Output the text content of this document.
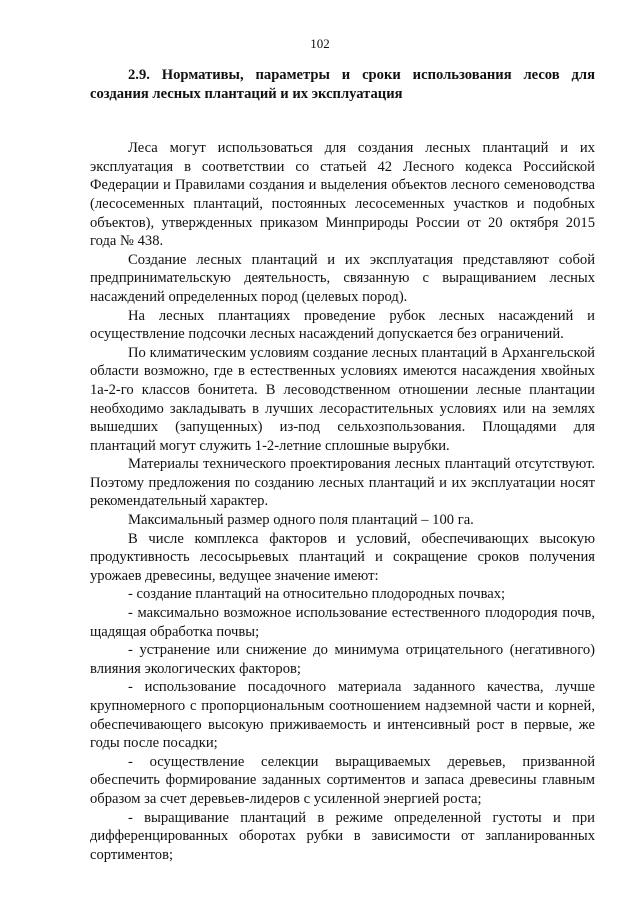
102

2.9. Нормативы, параметры и сроки использования лесов для создания лесных плантаций и их эксплуатация

Леса могут использоваться для создания лесных плантаций и их эксплуатация в соответствии со статьей 42 Лесного кодекса Российской Федерации и Правилами создания и выделения объектов лесного семеноводства (лесосеменных плантаций, постоянных лесосеменных участков и подобных объектов), утвержденных приказом Минприроды России от 20 октября 2015 года № 438.

Создание лесных плантаций и их эксплуатация представляют собой предпринимательскую деятельность, связанную с выращиванием лесных насаждений определенных пород (целевых пород).

На лесных плантациях проведение рубок лесных насаждений и осуществление подсочки лесных насаждений допускается без ограничений.

По климатическим условиям создание лесных плантаций в Архангельской области возможно, где в естественных условиях имеются насаждения хвойных 1а-2-го классов бонитета. В лесоводственном отношении лесные плантации необходимо закладывать в лучших лесорастительных условиях или на землях вышедших (запущенных) из-под сельхозпользования. Площадями для плантаций могут служить 1-2-летние сплошные вырубки.

Материалы технического проектирования лесных плантаций отсутствуют. Поэтому предложения по созданию лесных плантаций и их эксплуатации носят рекомендательный характер.

Максимальный размер одного поля плантаций – 100 га.

В числе комплекса факторов и условий, обеспечивающих высокую продуктивность лесосырьевых плантаций и сокращение сроков получения урожаев древесины, ведущее значение имеют:

- создание плантаций на относительно плодородных почвах;

- максимально возможное использование естественного плодородия почв, щадящая обработка почвы;

- устранение или снижение до минимума отрицательного (негативного) влияния экологических факторов;

- использование посадочного материала заданного качества, лучше крупномерного с пропорциональным соотношением надземной части и корней, обеспечивающего высокую приживаемость и интенсивный рост в первые, же годы после посадки;

- осуществление селекции выращиваемых деревьев, призванной обеспечить формирование заданных сортиментов и запаса древесины главным образом за счет деревьев-лидеров с усиленной энергией роста;

- выращивание плантаций в режиме определенной густоты и при дифференцированных оборотах рубки в зависимости от запланированных сортиментов;
